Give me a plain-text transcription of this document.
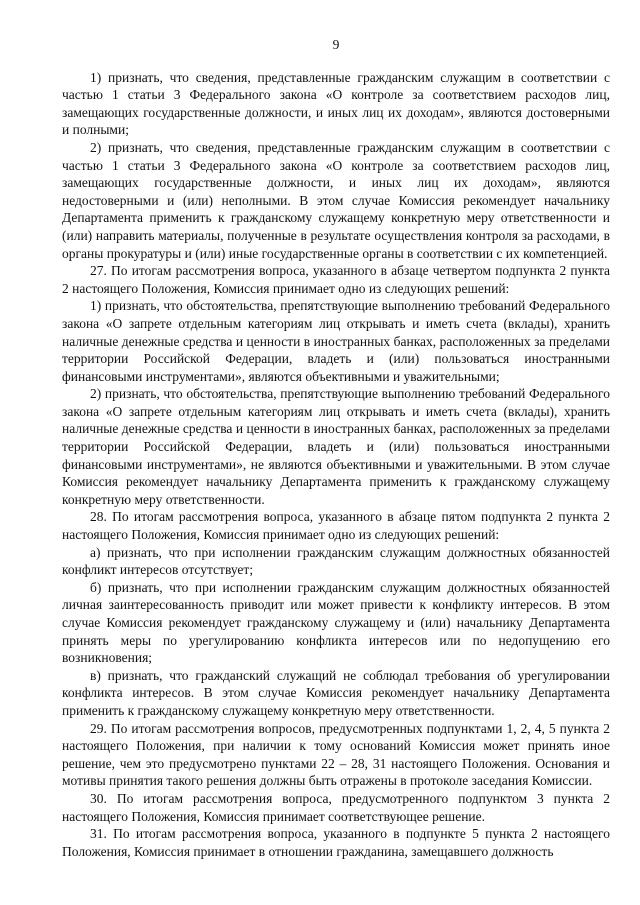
9

1) признать, что сведения, представленные гражданским служащим в соответствии с частью 1 статьи 3 Федерального закона «О контроле за соответствием расходов лиц, замещающих государственные должности, и иных лиц их доходам», являются достоверными и полными;

2) признать, что сведения, представленные гражданским служащим в соответствии с частью 1 статьи 3 Федерального закона «О контроле за соответствием расходов лиц, замещающих государственные должности, и иных лиц их доходам», являются недостоверными и (или) неполными. В этом случае Комиссия рекомендует начальнику Департамента применить к гражданскому служащему конкретную меру ответственности и (или) направить материалы, полученные в результате осуществления контроля за расходами, в органы прокуратуры и (или) иные государственные органы в соответствии с их компетенцией.

27. По итогам рассмотрения вопроса, указанного в абзаце четвертом подпункта 2 пункта 2 настоящего Положения, Комиссия принимает одно из следующих решений:

1) признать, что обстоятельства, препятствующие выполнению требований Федерального закона «О запрете отдельным категориям лиц открывать и иметь счета (вклады), хранить наличные денежные средства и ценности в иностранных банках, расположенных за пределами территории Российской Федерации, владеть и (или) пользоваться иностранными финансовыми инструментами», являются объективными и уважительными;

2) признать, что обстоятельства, препятствующие выполнению требований Федерального закона «О запрете отдельным категориям лиц открывать и иметь счета (вклады), хранить наличные денежные средства и ценности в иностранных банках, расположенных за пределами территории Российской Федерации, владеть и (или) пользоваться иностранными финансовыми инструментами», не являются объективными и уважительными. В этом случае Комиссия рекомендует начальнику Департамента применить к гражданскому служащему конкретную меру ответственности.

28. По итогам рассмотрения вопроса, указанного в абзаце пятом подпункта 2 пункта 2 настоящего Положения, Комиссия принимает одно из следующих решений:

а) признать, что при исполнении гражданским служащим должностных обязанностей конфликт интересов отсутствует;

б) признать, что при исполнении гражданским служащим должностных обязанностей личная заинтересованность приводит или может привести к конфликту интересов. В этом случае Комиссия рекомендует гражданскому служащему и (или) начальнику Департамента принять меры по урегулированию конфликта интересов или по недопущению его возникновения;

в) признать, что гражданский служащий не соблюдал требования об урегулировании конфликта интересов. В этом случае Комиссия рекомендует начальнику Департамента применить к гражданскому служащему конкретную меру ответственности.

29. По итогам рассмотрения вопросов, предусмотренных подпунктами 1, 2, 4, 5 пункта 2 настоящего Положения, при наличии к тому оснований Комиссия может принять иное решение, чем это предусмотрено пунктами 22 – 28, 31 настоящего Положения. Основания и мотивы принятия такого решения должны быть отражены в протоколе заседания Комиссии.

30. По итогам рассмотрения вопроса, предусмотренного подпунктом 3 пункта 2 настоящего Положения, Комиссия принимает соответствующее решение.

31. По итогам рассмотрения вопроса, указанного в подпункте 5 пункта 2 настоящего Положения, Комиссия принимает в отношении гражданина, замещавшего должность
